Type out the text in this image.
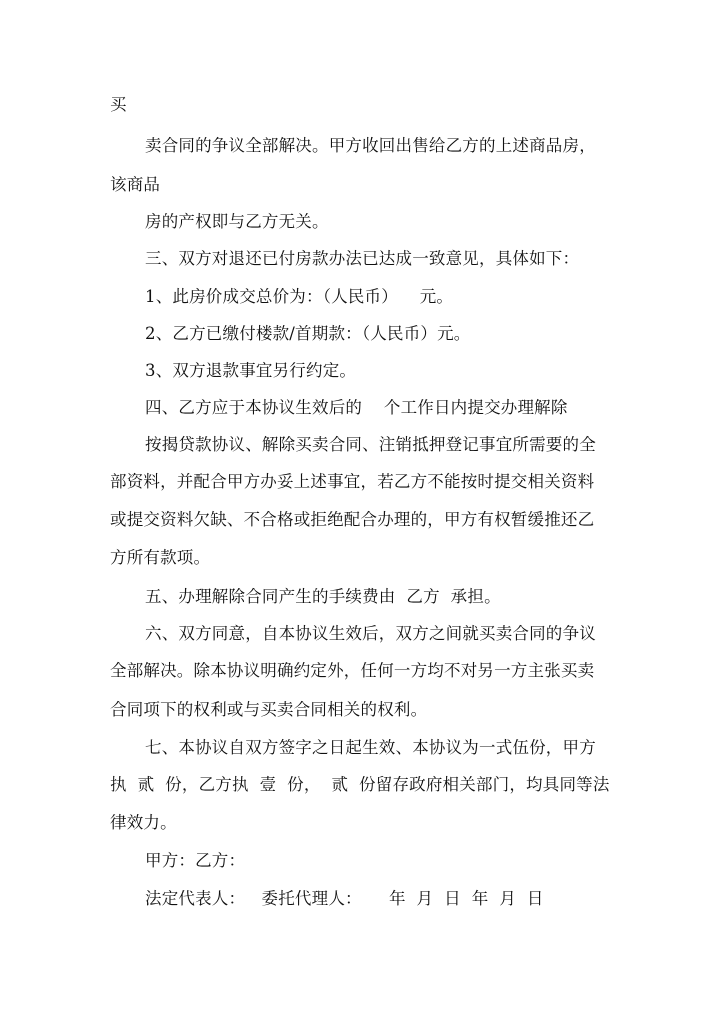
买
卖合同的争议全部解决。甲方收回出售给乙方的上述商品房，
该商品
房的产权即与乙方无关。
三、双方对退还已付房款办法已达成一致意见，具体如下：
1、此房价成交总价为：（人民币）    元。
2、乙方已缴付楼款/首期款：（人民币）元。
3、双方退款事宜另行约定。
四、乙方应于本协议生效后的    个工作日内提交办理解除
按揭贷款协议、解除买卖合同、注销抵押登记事宜所需要的全
部资料，并配合甲方办妥上述事宜，若乙方不能按时提交相关资料
或提交资料欠缺、不合格或拒绝配合办理的，甲方有权暂缓推还乙
方所有款项。
五、办理解除合同产生的手续费由  乙方  承担。
六、双方同意，自本协议生效后，双方之间就买卖合同的争议
全部解决。除本协议明确约定外，任何一方均不对另一方主张买卖
合同项下的权利或与买卖合同相关的权利。
七、本协议自双方签字之日起生效、本协议为一式伍份，甲方
执  贰  份，乙方执  壹  份，  贰  份留存政府相关部门，均具同等法
律效力。
甲方：乙方：
法定代表人：   委托代理人：     年  月  日  年  月  日
